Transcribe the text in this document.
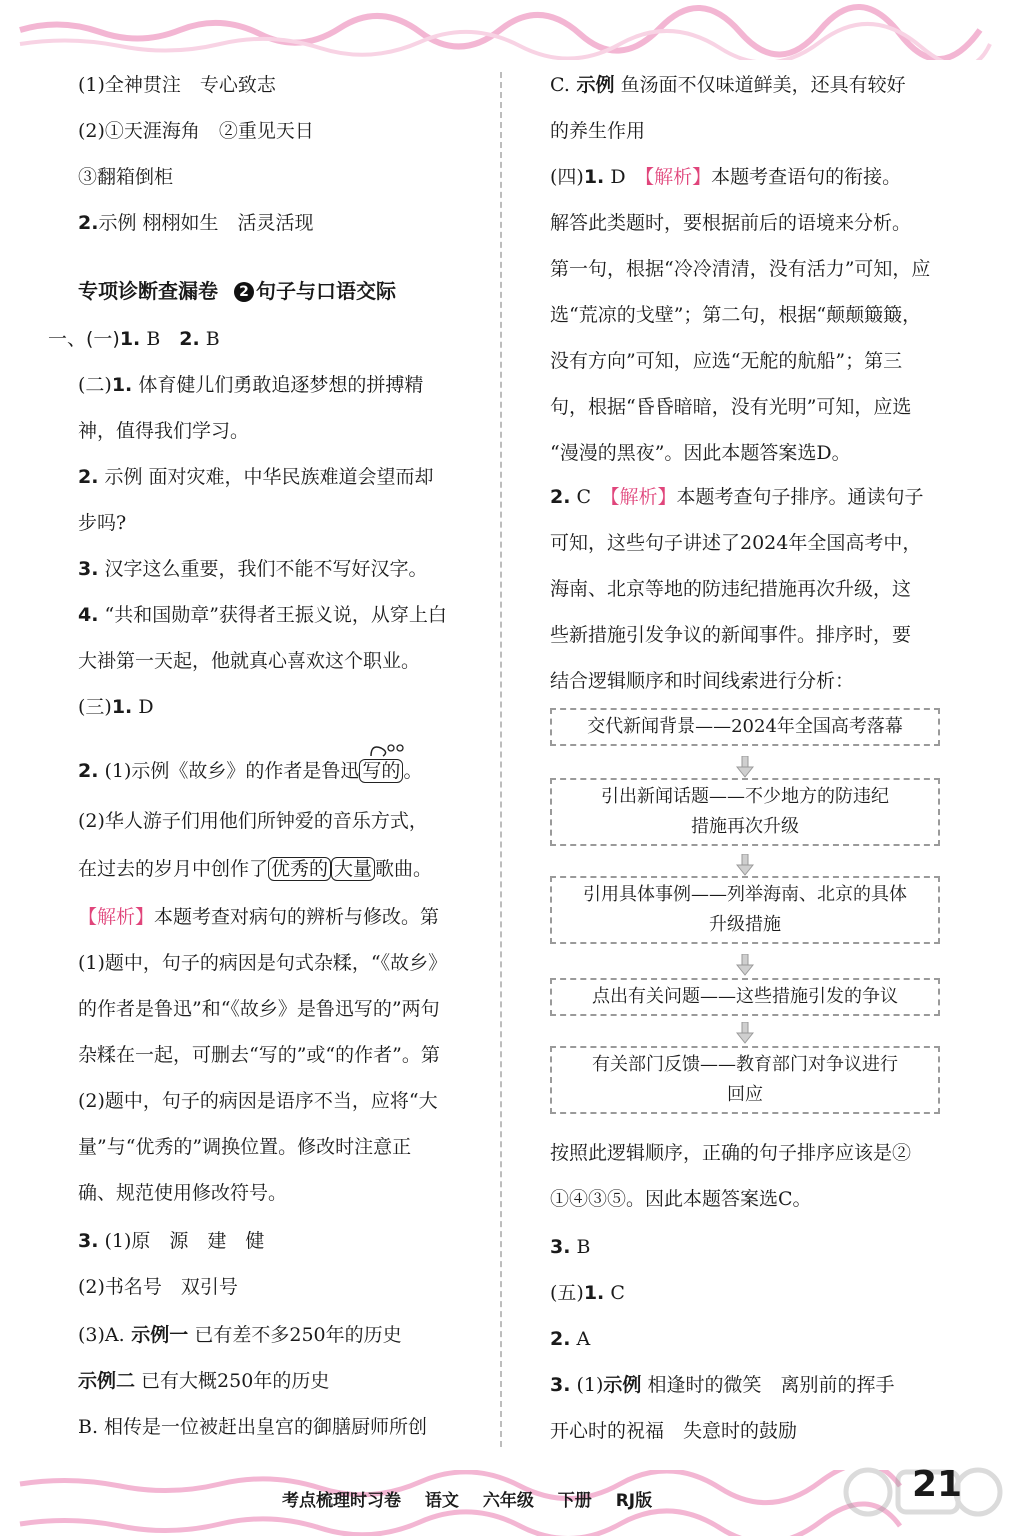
(1)全神贯注　专心致志
(2)①天涯海角　②重见天日
③翻箱倒柜
2.示例 栩栩如生　活灵活现
专项诊断查漏卷 2 句子与口语交际
一、(一)1. B　2. B
(二)1. 体育健儿们勇敢追逐梦想的拼搏精
神，值得我们学习。
2. 示例 面对灾难，中华民族难道会望而却
步吗?
3. 汉字这么重要，我们不能不写好汉字。
4. “共和国勋章”获得者王振义说，从穿上白
大褂第一天起，他就真心喜欢这个职业。
(三)1. D
2. (1)示例《故乡》的作者是鲁迅 写的 。
(2)华人游子们用他们所钟爱的音乐方式，
在过去的岁月中创作了 优秀的 大量 歌曲。
【解析】本题考查对病句的辨析与修改。第
(1)题中，句子的病因是句式杂糅，“《故乡》
的作者是鲁迅”和“《故乡》是鲁迅写的”两句
杂糅在一起，可删去“写的”或“的作者”。第
(2)题中，句子的病因是语序不当，应将“大
量”与“优秀的”调换位置。修改时注意正
确、规范使用修改符号。
3. (1)原　源　建　健
(2)书名号　双引号
(3)A. 示例一 已有差不多250年的历史
示例二 已有大概250年的历史
B. 相传是一位被赶出皇宫的御膳厨师所创
C. 示例 鱼汤面不仅味道鲜美，还具有较好
的养生作用
(四)1. D　【解析】本题考查语句的衔接。
解答此类题时，要根据前后的语境来分析。
第一句，根据“冷冷清清，没有活力”可知，应
选“荒凉的戈壁”；第二句，根据“颠颠簸簸，
没有方向”可知，应选“无舵的航船”；第三
句，根据“昏昏暗暗，没有光明”可知，应选
“漫漫的黑夜”。因此本题答案选D。
2. C　【解析】本题考查句子排序。通读句子
可知，这些句子讲述了2024年全国高考中，
海南、北京等地的防违纪措施再次升级，这
些新措施引发争议的新闻事件。排序时，要
结合逻辑顺序和时间线索进行分析：
交代新闻背景——2024年全国高考落幕
引出新闻话题——不少地方的防违纪
措施再次升级
引用具体事例——列举海南、北京的具体
升级措施
点出有关问题——这些措施引发的争议
有关部门反馈——教育部门对争议进行
回应
按照此逻辑顺序，正确的句子排序应该是②
①④③⑤。因此本题答案选C。
3. B
(五)1. C
2. A
3. (1)示例 相逢时的微笑　离别前的挥手
开心时的祝福　失意时的鼓励
考点梳理时习卷 语文 六年级 下册 RJ版	21
